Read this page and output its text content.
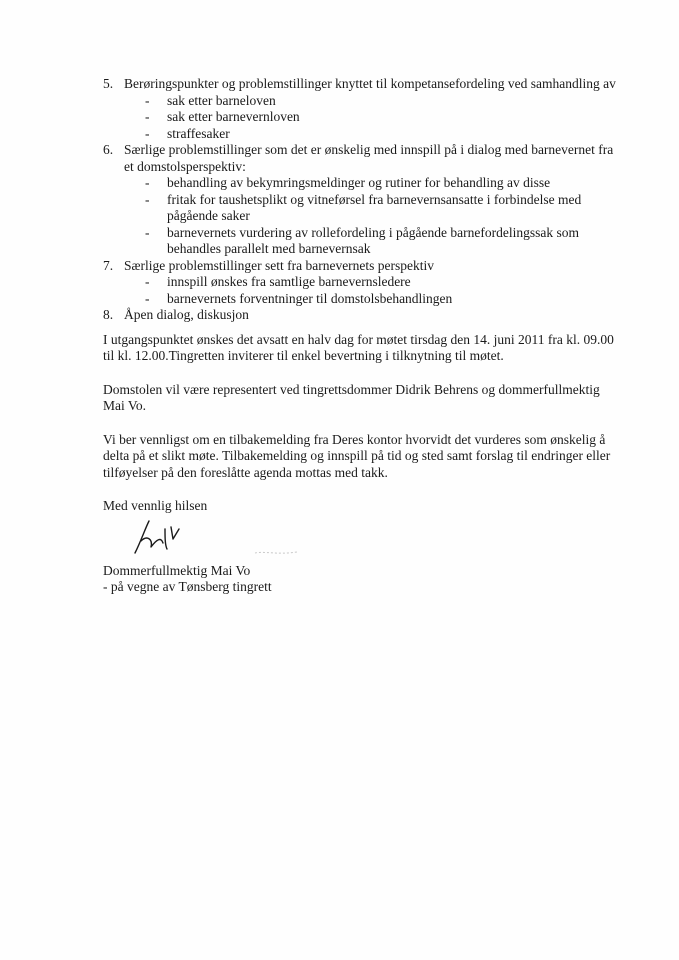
5. Berøringspunkter og problemstillinger knyttet til kompetansefordeling ved samhandling av
- sak etter barneloven
- sak etter barnevernloven
- straffesaker
6. Særlige problemstillinger som det er ønskelig med innspill på i dialog med barnevernet fra et domstolsperspektiv:
- behandling av bekymringsmeldinger og rutiner for behandling av disse
- fritak for taushetsplikt og vitneførsel fra barnevernsansatte i forbindelse med pågående saker
- barnevernets vurdering av rollefordeling i pågående barnefordelingssak som behandles parallelt med barnevernsak
7. Særlige problemstillinger sett fra barnevernets perspektiv
- innspill ønskes fra samtlige barnevernsledere
- barnevernets forventninger til domstolsbehandlingen
8. Åpen dialog, diskusjon

I utgangspunktet ønskes det avsatt en halv dag for møtet tirsdag den 14. juni 2011 fra kl. 09.00 til kl. 12.00.Tingretten inviterer til enkel bevertning i tilknytning til møtet.

Domstolen vil være representert ved tingrettsdommer Didrik Behrens og dommerfullmektig Mai Vo.

Vi ber vennligst om en tilbakemelding fra Deres kontor hvorvidt det vurderes som ønskelig å delta på et slikt møte. Tilbakemelding og innspill på tid og sted samt forslag til endringer eller tilføyelser på den foreslåtte agenda mottas med takk.

Med vennlig hilsen

Dommerfullmektig Mai Vo

- på vegne av Tønsberg tingrett
